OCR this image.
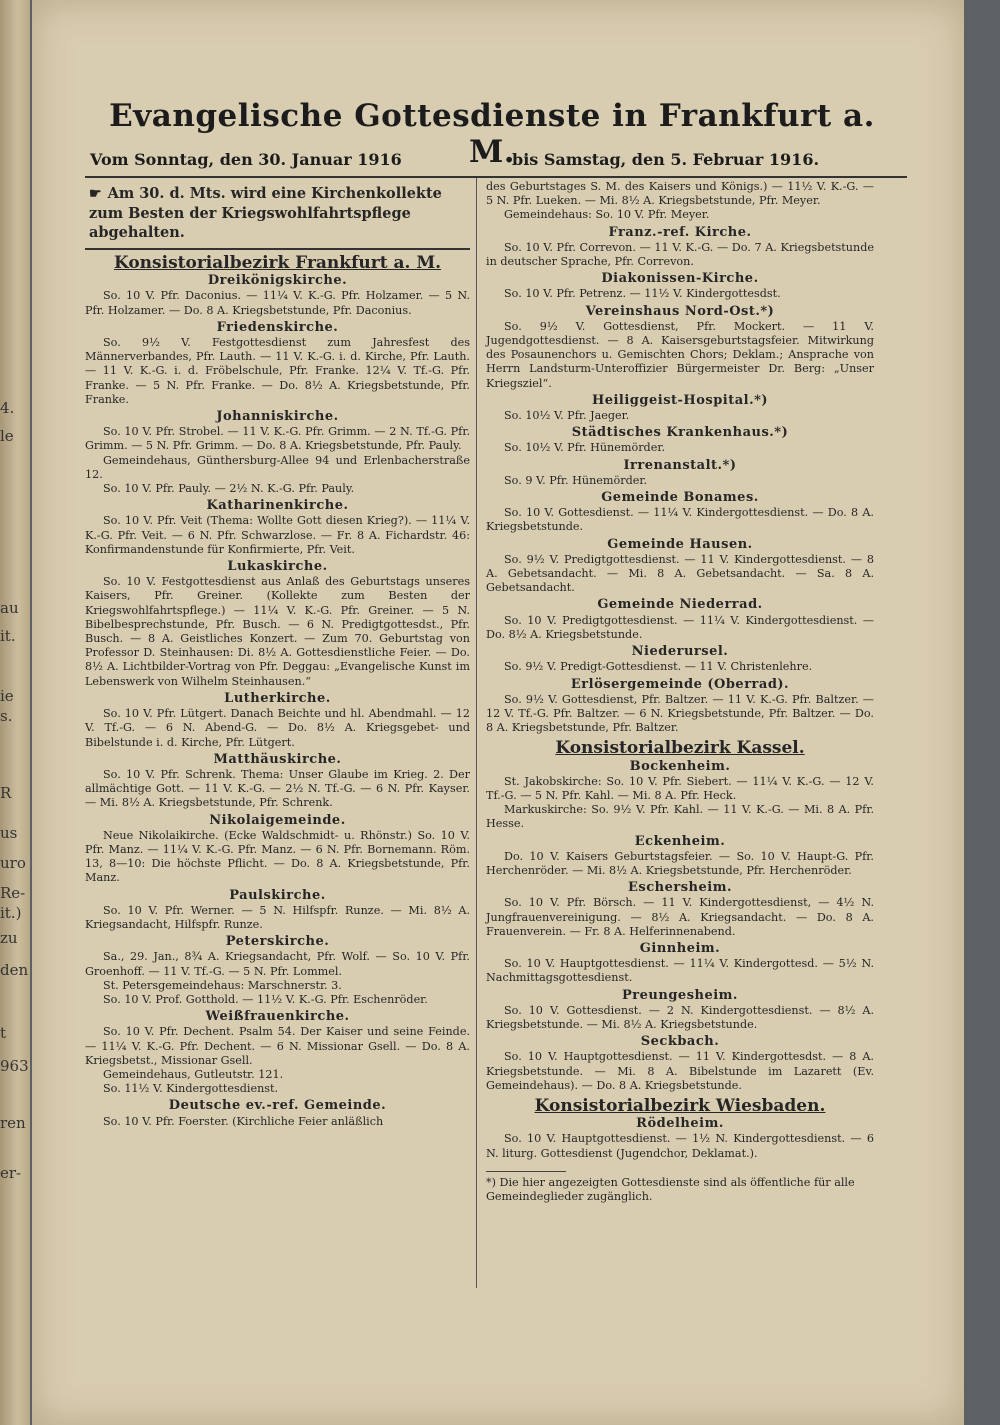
4.
le
au
it.
ie
s.
R
us
uro
Re-
it.)
zu
den
t
963
ren
er-
Evangelische Gottesdienste in Frankfurt a. M.
Vom Sonntag, den 30. Januar 1916	bis Samstag, den 5. Februar 1916.
☛ Am 30. d. Mts. wird eine Kirchenkollekte zum Besten der Kriegswohlfahrtspflege abgehalten.
Konsistorialbezirk Frankfurt a. M.
Dreikönigskirche.
So. 10 V. Pfr. Daconius. — 11¼ V. K.-G. Pfr. Holzamer. — 5 N. Pfr. Holzamer. — Do. 8 A. Kriegsbetstunde, Pfr. Daconius.
Friedenskirche.
So. 9½ V. Festgottesdienst zum Jahresfest des Männerverbandes, Pfr. Lauth. — 11 V. K.-G. i. d. Kirche, Pfr. Lauth. — 11 V. K.-G. i. d. Fröbelschule, Pfr. Franke. 12¼ V. Tf.-G. Pfr. Franke. — 5 N. Pfr. Franke. — Do. 8½ A. Kriegsbetstunde, Pfr. Franke.
Johanniskirche.
So. 10 V. Pfr. Strobel. — 11 V. K.-G. Pfr. Grimm. — 2 N. Tf.-G. Pfr. Grimm. — 5 N. Pfr. Grimm. — Do. 8 A. Kriegsbetstunde, Pfr. Pauly.
Gemeindehaus, Günthersburg-Allee 94 und Erlenbacherstraße 12.
So. 10 V. Pfr. Pauly. — 2½ N. K.-G. Pfr. Pauly.
Katharinenkirche.
So. 10 V. Pfr. Veit (Thema: Wollte Gott diesen Krieg?). — 11¼ V. K.-G. Pfr. Veit. — 6 N. Pfr. Schwarzlose. — Fr. 8 A. Fichardstr. 46: Konfirmandenstunde für Konfirmierte, Pfr. Veit.
Lukaskirche.
So. 10 V. Festgottesdienst aus Anlaß des Geburtstags unseres Kaisers, Pfr. Greiner. (Kollekte zum Besten der Kriegswohlfahrtspflege.) — 11¼ V. K.-G. Pfr. Greiner. — 5 N. Bibelbesprechstunde, Pfr. Busch. — 6 N. Predigtgottesdst., Pfr. Busch. — 8 A. Geistliches Konzert. — Zum 70. Geburtstag von Professor D. Steinhausen: Di. 8½ A. Gottesdienstliche Feier. — Do. 8½ A. Lichtbilder-Vortrag von Pfr. Deggau: „Evangelische Kunst im Lebenswerk von Wilhelm Steinhausen.“
Lutherkirche.
So. 10 V. Pfr. Lütgert. Danach Beichte und hl. Abendmahl. — 12 V. Tf.-G. — 6 N. Abend-G. — Do. 8½ A. Kriegsgebet- und Bibelstunde i. d. Kirche, Pfr. Lütgert.
Matthäuskirche.
So. 10 V. Pfr. Schrenk. Thema: Unser Glaube im Krieg. 2. Der allmächtige Gott. — 11 V. K.-G. — 2½ N. Tf.-G. — 6 N. Pfr. Kayser. — Mi. 8½ A. Kriegsbetstunde, Pfr. Schrenk.
Nikolaigemeinde.
Neue Nikolaikirche. (Ecke Waldschmidt- u. Rhönstr.) So. 10 V. Pfr. Manz. — 11¼ V. K.-G. Pfr. Manz. — 6 N. Pfr. Bornemann. Röm. 13, 8—10: Die höchste Pflicht. — Do. 8 A. Kriegsbetstunde, Pfr. Manz.
Paulskirche.
So. 10 V. Pfr. Werner. — 5 N. Hilfspfr. Runze. — Mi. 8½ A. Kriegsandacht, Hilfspfr. Runze.
Peterskirche.
Sa., 29. Jan., 8¾ A. Kriegsandacht, Pfr. Wolf. — So. 10 V. Pfr. Groenhoff. — 11 V. Tf.-G. — 5 N. Pfr. Lommel.
St. Petersgemeindehaus: Marschnerstr. 3.
So. 10 V. Prof. Gotthold. — 11½ V. K.-G. Pfr. Eschenröder.
Weißfrauenkirche.
So. 10 V. Pfr. Dechent. Psalm 54. Der Kaiser und seine Feinde. — 11¼ V. K.-G. Pfr. Dechent. — 6 N. Missionar Gsell. — Do. 8 A. Kriegsbetst., Missionar Gsell.
Gemeindehaus, Gutleutstr. 121.
So. 11½ V. Kindergottesdienst.
Deutsche ev.-ref. Gemeinde.
So. 10 V. Pfr. Foerster. (Kirchliche Feier anläßlich
des Geburtstages S. M. des Kaisers und Königs.) — 11½ V. K.-G. — 5 N. Pfr. Lueken. — Mi. 8½ A. Kriegsbetstunde, Pfr. Meyer.
Gemeindehaus: So. 10 V. Pfr. Meyer.
Franz.-ref. Kirche.
So. 10 V. Pfr. Correvon. — 11 V. K.-G. — Do. 7 A. Kriegsbetstunde in deutscher Sprache, Pfr. Correvon.
Diakonissen-Kirche.
So. 10 V. Pfr. Petrenz. — 11½ V. Kindergottesdst.
Vereinshaus Nord-Ost.*)
So. 9½ V. Gottesdienst, Pfr. Mockert. — 11 V. Jugendgottesdienst. — 8 A. Kaisersgeburtstagsfeier. Mitwirkung des Posaunenchors u. Gemischten Chors; Deklam.; Ansprache von Herrn Landsturm-Unteroffizier Bürgermeister Dr. Berg: „Unser Kriegsziel“.
Heiliggeist-Hospital.*)
So. 10½ V. Pfr. Jaeger.
Städtisches Krankenhaus.*)
So. 10½ V. Pfr. Hünemörder.
Irrenanstalt.*)
So. 9 V. Pfr. Hünemörder.
Gemeinde Bonames.
So. 10 V. Gottesdienst. — 11¼ V. Kindergottesdienst. — Do. 8 A. Kriegsbetstunde.
Gemeinde Hausen.
So. 9½ V. Predigtgottesdienst. — 11 V. Kindergottesdienst. — 8 A. Gebetsandacht. — Mi. 8 A. Gebetsandacht. — Sa. 8 A. Gebetsandacht.
Gemeinde Niederrad.
So. 10 V. Predigtgottesdienst. — 11¼ V. Kindergottesdienst. — Do. 8½ A. Kriegsbetstunde.
Niederursel.
So. 9½ V. Predigt-Gottesdienst. — 11 V. Christenlehre.
Erlösergemeinde (Oberrad).
So. 9½ V. Gottesdienst, Pfr. Baltzer. — 11 V. K.-G. Pfr. Baltzer. — 12 V. Tf.-G. Pfr. Baltzer. — 6 N. Kriegsbetstunde, Pfr. Baltzer. — Do. 8 A. Kriegsbetstunde, Pfr. Baltzer.
Konsistorialbezirk Kassel.
Bockenheim.
St. Jakobskirche: So. 10 V. Pfr. Siebert. — 11¼ V. K.-G. — 12 V. Tf.-G. — 5 N. Pfr. Kahl. — Mi. 8 A. Pfr. Heck.
Markuskirche: So. 9½ V. Pfr. Kahl. — 11 V. K.-G. — Mi. 8 A. Pfr. Hesse.
Eckenheim.
Do. 10 V. Kaisers Geburtstagsfeier. — So. 10 V. Haupt-G. Pfr. Herchenröder. — Mi. 8½ A. Kriegsbetstunde, Pfr. Herchenröder.
Eschersheim.
So. 10 V. Pfr. Börsch. — 11 V. Kindergottesdienst, — 4½ N. Jungfrauenvereinigung. — 8½ A. Kriegsandacht. — Do. 8 A. Frauenverein. — Fr. 8 A. Helferinnenabend.
Ginnheim.
So. 10 V. Hauptgottesdienst. — 11¼ V. Kindergottesd. — 5½ N. Nachmittagsgottesdienst.
Preungesheim.
So. 10 V. Gottesdienst. — 2 N. Kindergottesdienst. — 8½ A. Kriegsbetstunde. — Mi. 8½ A. Kriegsbetstunde.
Seckbach.
So. 10 V. Hauptgottesdienst. — 11 V. Kindergottesdst. — 8 A. Kriegsbetstunde. — Mi. 8 A. Bibelstunde im Lazarett (Ev. Gemeindehaus). — Do. 8 A. Kriegsbetstunde.
Konsistorialbezirk Wiesbaden.
Rödelheim.
So. 10 V. Hauptgottesdienst. — 1½ N. Kindergottesdienst. — 6 N. liturg. Gottesdienst (Jugendchor, Deklamat.).
*) Die hier angezeigten Gottesdienste sind als öffentliche für alle Gemeindeglieder zugänglich.
